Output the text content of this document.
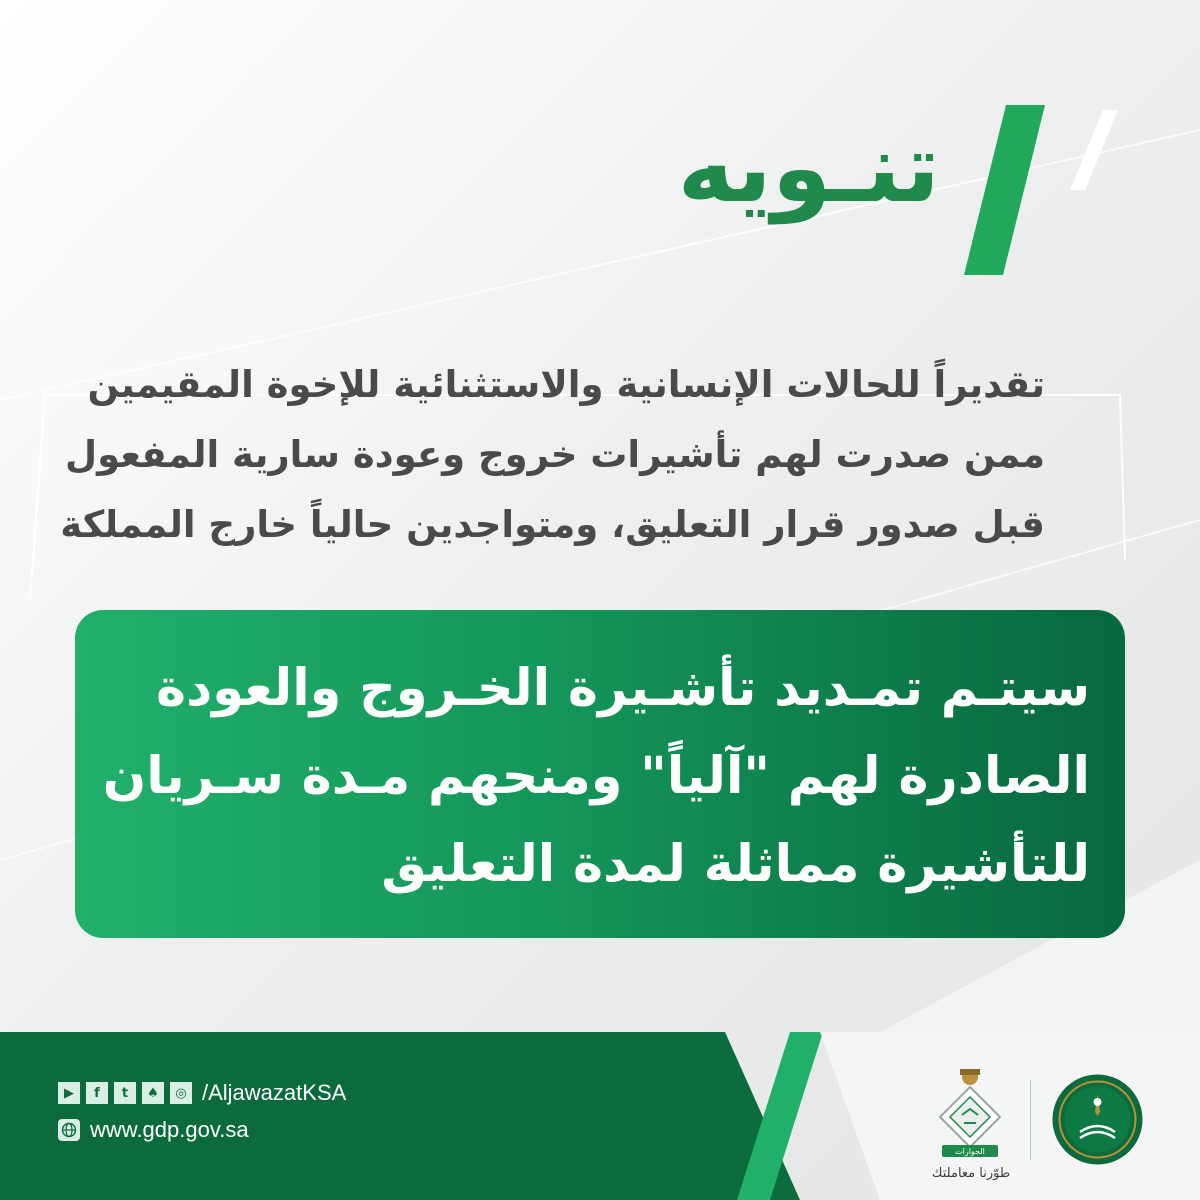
تنـويه
تقديراً للحالات الإنسانية والاستثنائية للإخوة المقيمين
ممن صدرت لهم تأشيرات خروج وعودة سارية المفعول
قبل صدور قرار التعليق، ومتواجدين حالياً خارج المملكة
سيتـم تمـديد تأشـيرة الخـروج والعودة
الصادرة لهم "آلياً" ومنحهم مـدة سـريان
للتأشيرة مماثلة لمدة التعليق
▶	f	t	♠	◎ /AljawazatKSA
www.gdp.gov.sa
الجوازات
طوّرنا معاملتك
